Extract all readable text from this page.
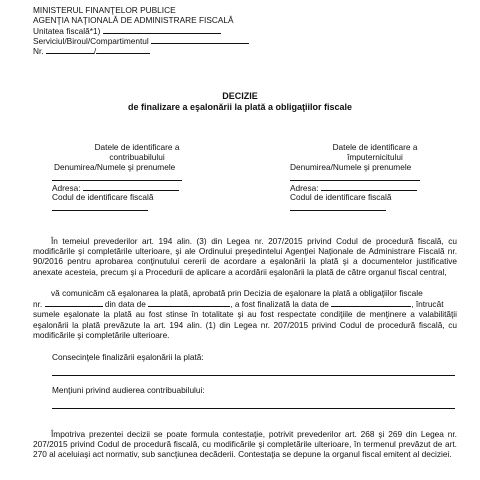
MINISTERUL FINANŢELOR PUBLICE
AGENŢIA NAŢIONALĂ DE ADMINISTRARE FISCALĂ
Unitatea fiscală*1)
Serviciul/Biroul/Compartimentul
Nr.	/
DECIZIE
de finalizare a eşalonării la plată a obligaţiilor fiscale
Datele de identificare a
contribuabilului
Denumirea/Numele şi prenumele
Adresa:
Codul de identificare fiscală
Datele de identificare a
împuternicitului
Denumirea/Numele şi prenumele
Adresa:
Codul de identificare fiscală

În temeiul prevederilor art. 194 alin. (3) din Legea nr. 207/2015 privind Codul de procedură fiscală, cu modificările şi completările ulterioare, şi ale Ordinului preşedintelui Agenţiei Naţionale de Administrare Fiscală nr. 90/2016 pentru aprobarea conţinutului cererii de acordare a eşalonării la plată şi a documentelor justificative anexate acesteia, precum şi a Procedurii de aplicare a acordării eşalonării la plată de către organul fiscal central,

vă comunicăm că eşalonarea la plată, aprobată prin Decizia de eşalonare la plată a obligaţiilor fiscale

nr.	din data de	, a fost finalizată la data de	, întrucât

sumele eşalonate la plată au fost stinse în totalitate şi au fost respectate condiţiile de menţinere a valabilităţii eşalonării la plată prevăzute la art. 194 alin. (1) din Legea nr. 207/2015 privind Codul de procedură fiscală, cu modificările şi completările ulterioare.

Consecinţele finalizării eşalonării la plată:
Menţiuni privind audierea contribuabilului:

Împotriva prezentei decizii se poate formula contestaţie, potrivit prevederilor art. 268 şi 269 din Legea nr. 207/2015 privind Codul de procedură fiscală, cu modificările şi completările ulterioare, în termenul prevăzut de art. 270 al aceluiaşi act normativ, sub sancţiunea decăderii. Contestaţia se depune la organul fiscal emitent al deciziei.
